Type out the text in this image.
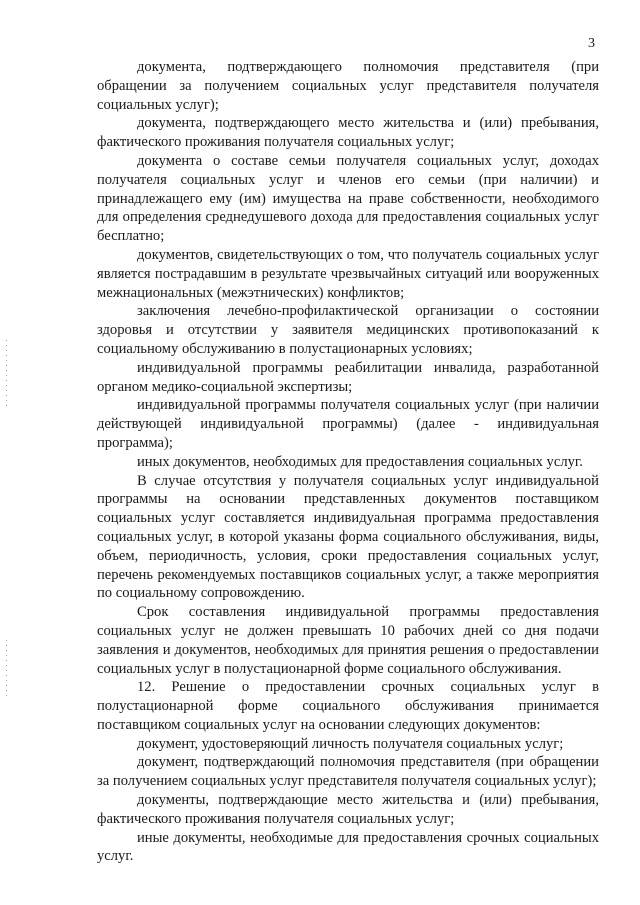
3

документа, подтверждающего полномочия представителя (при обращении за получением социальных услуг представителя получателя социальных услуг);

документа, подтверждающего место жительства и (или) пребывания, фактического проживания получателя социальных услуг;

документа о составе семьи получателя социальных услуг, доходах получателя социальных услуг и членов его семьи (при наличии) и принадлежащего ему (им) имущества на праве собственности, необходимого для определения среднедушевого дохода для предоставления социальных услуг бесплатно;

документов, свидетельствующих о том, что получатель социальных услуг является пострадавшим в результате чрезвычайных ситуаций или вооруженных межнациональных (межэтнических) конфликтов;

заключения лечебно-профилактической организации о состоянии здоровья и отсутствии у заявителя медицинских противопоказаний к социальному обслуживанию в полустационарных условиях;

индивидуальной программы реабилитации инвалида, разработанной органом медико-социальной экспертизы;

индивидуальной программы получателя социальных услуг (при наличии действующей индивидуальной программы) (далее - индивидуальная программа);

иных документов, необходимых для предоставления социальных услуг.

В случае отсутствия у получателя социальных услуг индивидуальной программы на основании представленных документов поставщиком социальных услуг составляется индивидуальная программа предоставления социальных услуг, в которой указаны форма социального обслуживания, виды, объем, периодичность, условия, сроки предоставления социальных услуг, перечень рекомендуемых поставщиков социальных услуг, а также мероприятия по социальному сопровождению.

Срок составления индивидуальной программы предоставления социальных услуг не должен превышать 10 рабочих дней со дня подачи заявления и документов, необходимых для принятия решения о предоставлении социальных услуг в полустационарной форме социального обслуживания.

12. Решение о предоставлении срочных социальных услуг в полустационарной форме социального обслуживания принимается поставщиком социальных услуг на основании следующих документов:

документ, удостоверяющий личность получателя социальных услуг;

документ, подтверждающий полномочия представителя (при обращении за получением социальных услуг представителя получателя социальных услуг);

документы, подтверждающие место жительства и (или) пребывания, фактического проживания получателя социальных услуг;

иные документы, необходимые для предоставления срочных социальных услуг.
